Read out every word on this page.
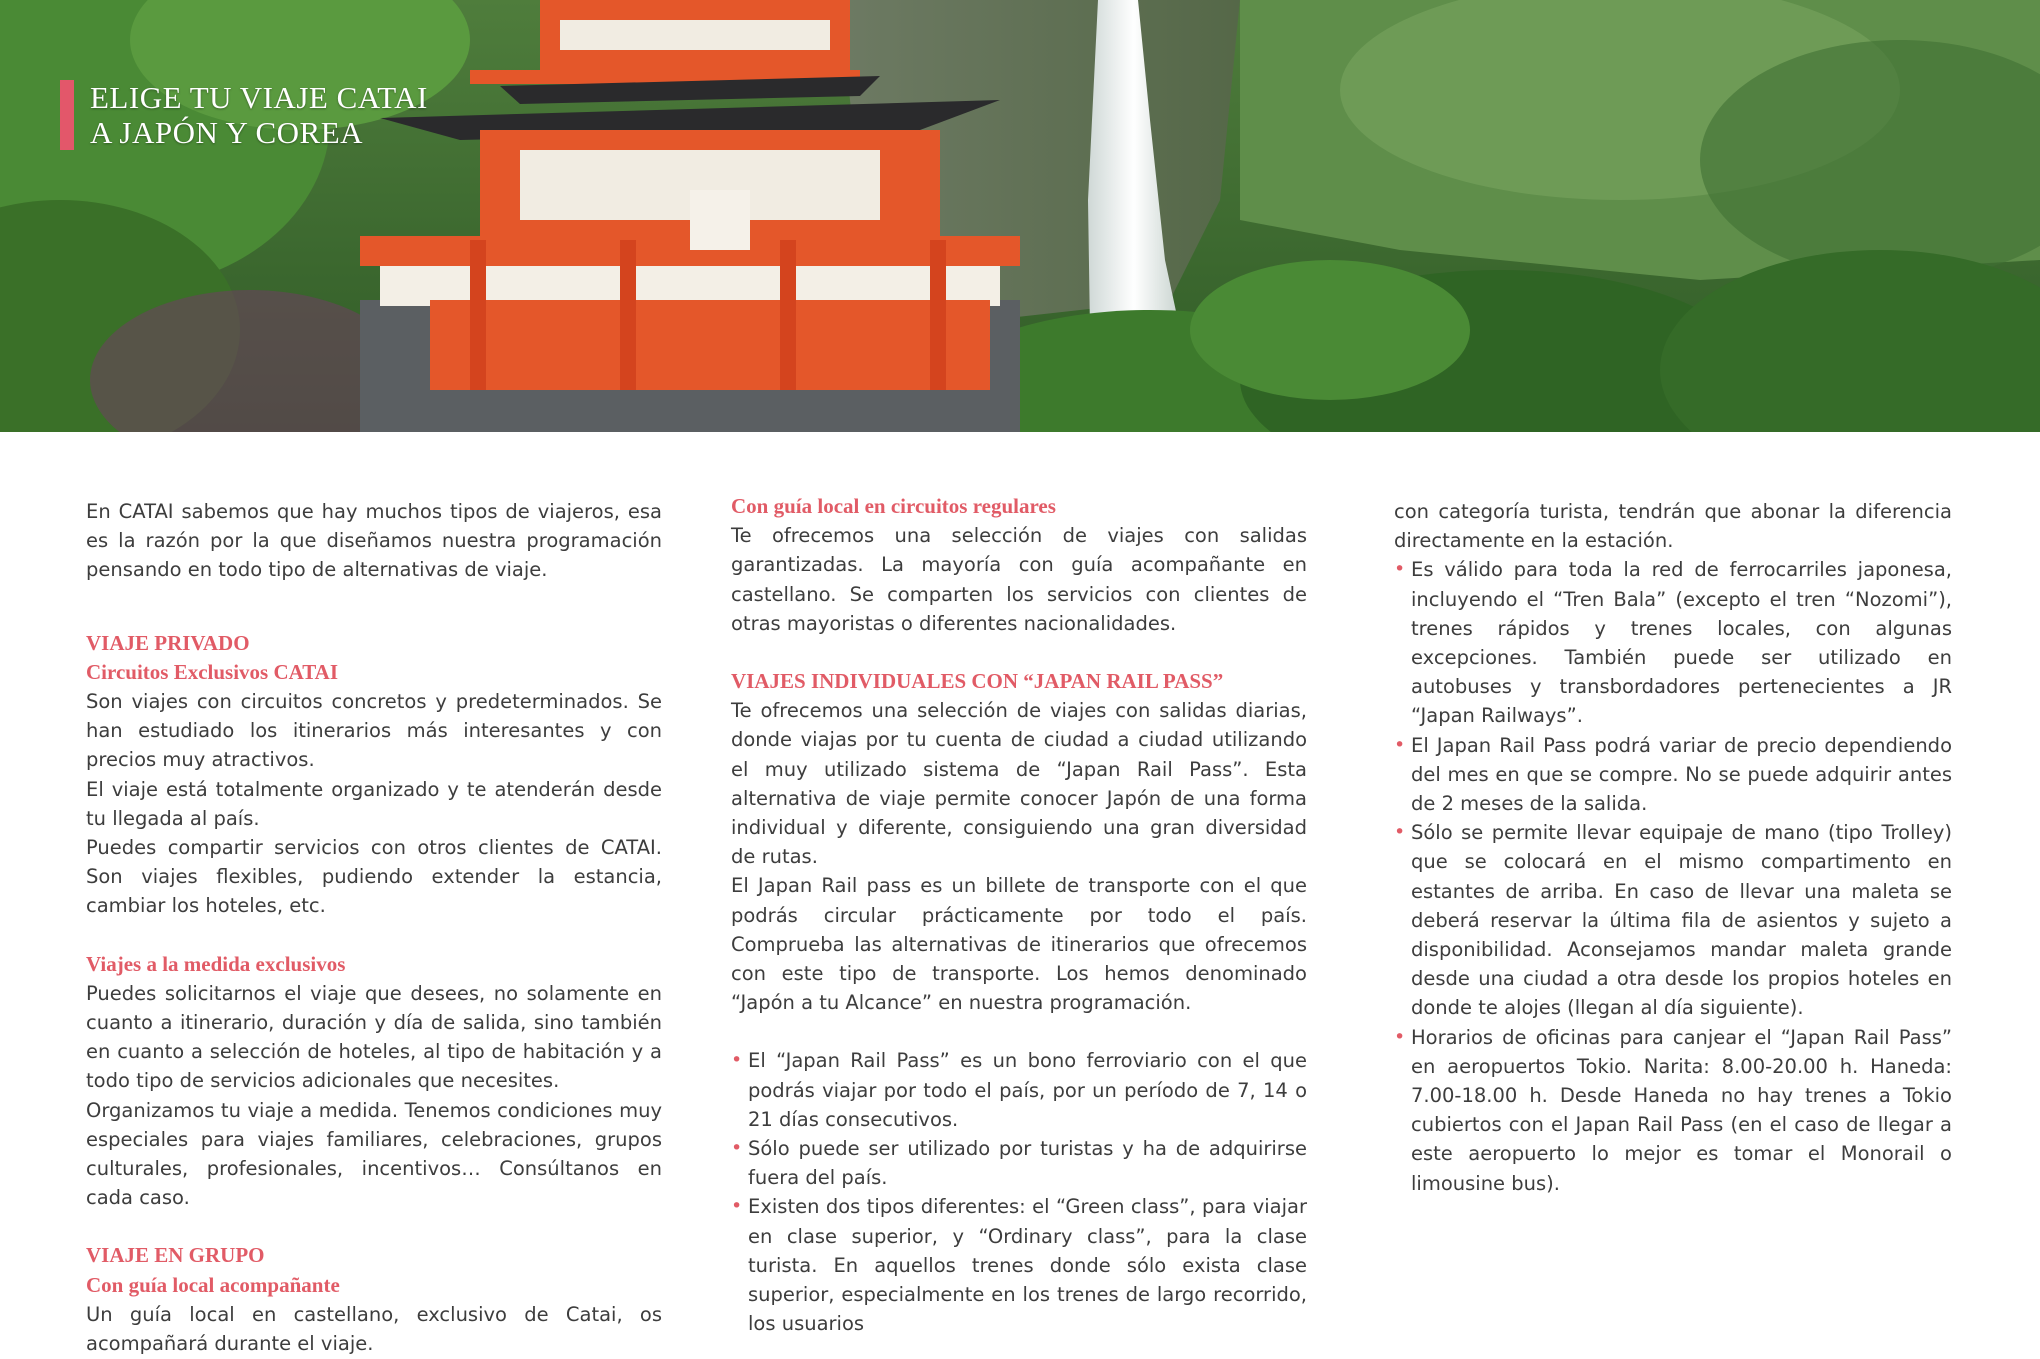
ELIGE TU VIAJE CATAI
A JAPÓN Y COREA

En CATAI sabemos que hay muchos tipos de viajeros, esa es la razón por la que diseñamos nuestra programación pensando en todo tipo de alternativas de viaje.

VIAJE PRIVADO
Circuitos Exclusivos CATAI

Son viajes con circuitos concretos y predeterminados. Se han estudiado los itinerarios más interesantes y con precios muy atractivos.

El viaje está totalmente organizado y te atenderán desde tu llegada al país.

Puedes compartir servicios con otros clientes de CATAI. Son viajes flexibles, pudiendo extender la estancia, cambiar los hoteles, etc.

Viajes a la medida exclusivos

Puedes solicitarnos el viaje que desees, no solamente en cuanto a itinerario, duración y día de salida, sino también en cuanto a selección de hoteles, al tipo de habitación y a todo tipo de servicios adicionales que necesites.

Organizamos tu viaje a medida. Tenemos condiciones muy especiales para viajes familiares, celebraciones, grupos culturales, profesionales, incentivos… Consúltanos en cada caso.

VIAJE EN GRUPO
Con guía local acompañante

Un guía local en castellano, exclusivo de Catai, os acompañará durante el viaje.

Con guía local en circuitos regulares

Te ofrecemos una selección de viajes con salidas garantizadas. La mayoría con guía acompañante en castellano. Se comparten los servicios con clientes de otras mayoristas o diferentes nacionalidades.

VIAJES INDIVIDUALES CON “JAPAN RAIL PASS”

Te ofrecemos una selección de viajes con salidas diarias, donde viajas por tu cuenta de ciudad a ciudad utilizando el muy utilizado sistema de “Japan Rail Pass”. Esta alternativa de viaje permite conocer Japón de una forma individual y diferente, consiguiendo una gran diversidad de rutas.

El Japan Rail pass es un billete de transporte con el que podrás circular prácticamente por todo el país. Comprueba las alternativas de itinerarios que ofrecemos con este tipo de transporte. Los hemos denominado “Japón a tu Alcance” en nuestra programación.

• El “Japan Rail Pass” es un bono ferroviario con el que podrás viajar por todo el país, por un período de 7, 14 o 21 días consecutivos.
• Sólo puede ser utilizado por turistas y ha de adquirirse fuera del país.
• Existen dos tipos diferentes: el “Green class”, para viajar en clase superior, y “Ordinary class”, para la clase turista. En aquellos trenes donde sólo exista clase superior, especialmente en los trenes de largo recorrido, los usuarios

con categoría turista, tendrán que abonar la diferencia directamente en la estación.

• Es válido para toda la red de ferrocarriles japonesa, incluyendo el “Tren Bala” (excepto el tren “Nozomi”), trenes rápidos y trenes locales, con algunas excepciones. También puede ser utilizado en autobuses y transbordadores pertenecientes a JR “Japan Railways”.
• El Japan Rail Pass podrá variar de precio dependiendo del mes en que se compre. No se puede adquirir antes de 2 meses de la salida.
• Sólo se permite llevar equipaje de mano (tipo Trolley) que se colocará en el mismo compartimento en estantes de arriba. En caso de llevar una maleta se deberá reservar la última fila de asientos y sujeto a disponibilidad. Aconsejamos mandar maleta grande desde una ciudad a otra desde los propios hoteles en donde te alojes (llegan al día siguiente).
• Horarios de oficinas para canjear el “Japan Rail Pass” en aeropuertos Tokio. Narita: 8.00-20.00 h. Haneda: 7.00-18.00 h. Desde Haneda no hay trenes a Tokio cubiertos con el Japan Rail Pass (en el caso de llegar a este aeropuerto lo mejor es tomar el Monorail o limousine bus).
